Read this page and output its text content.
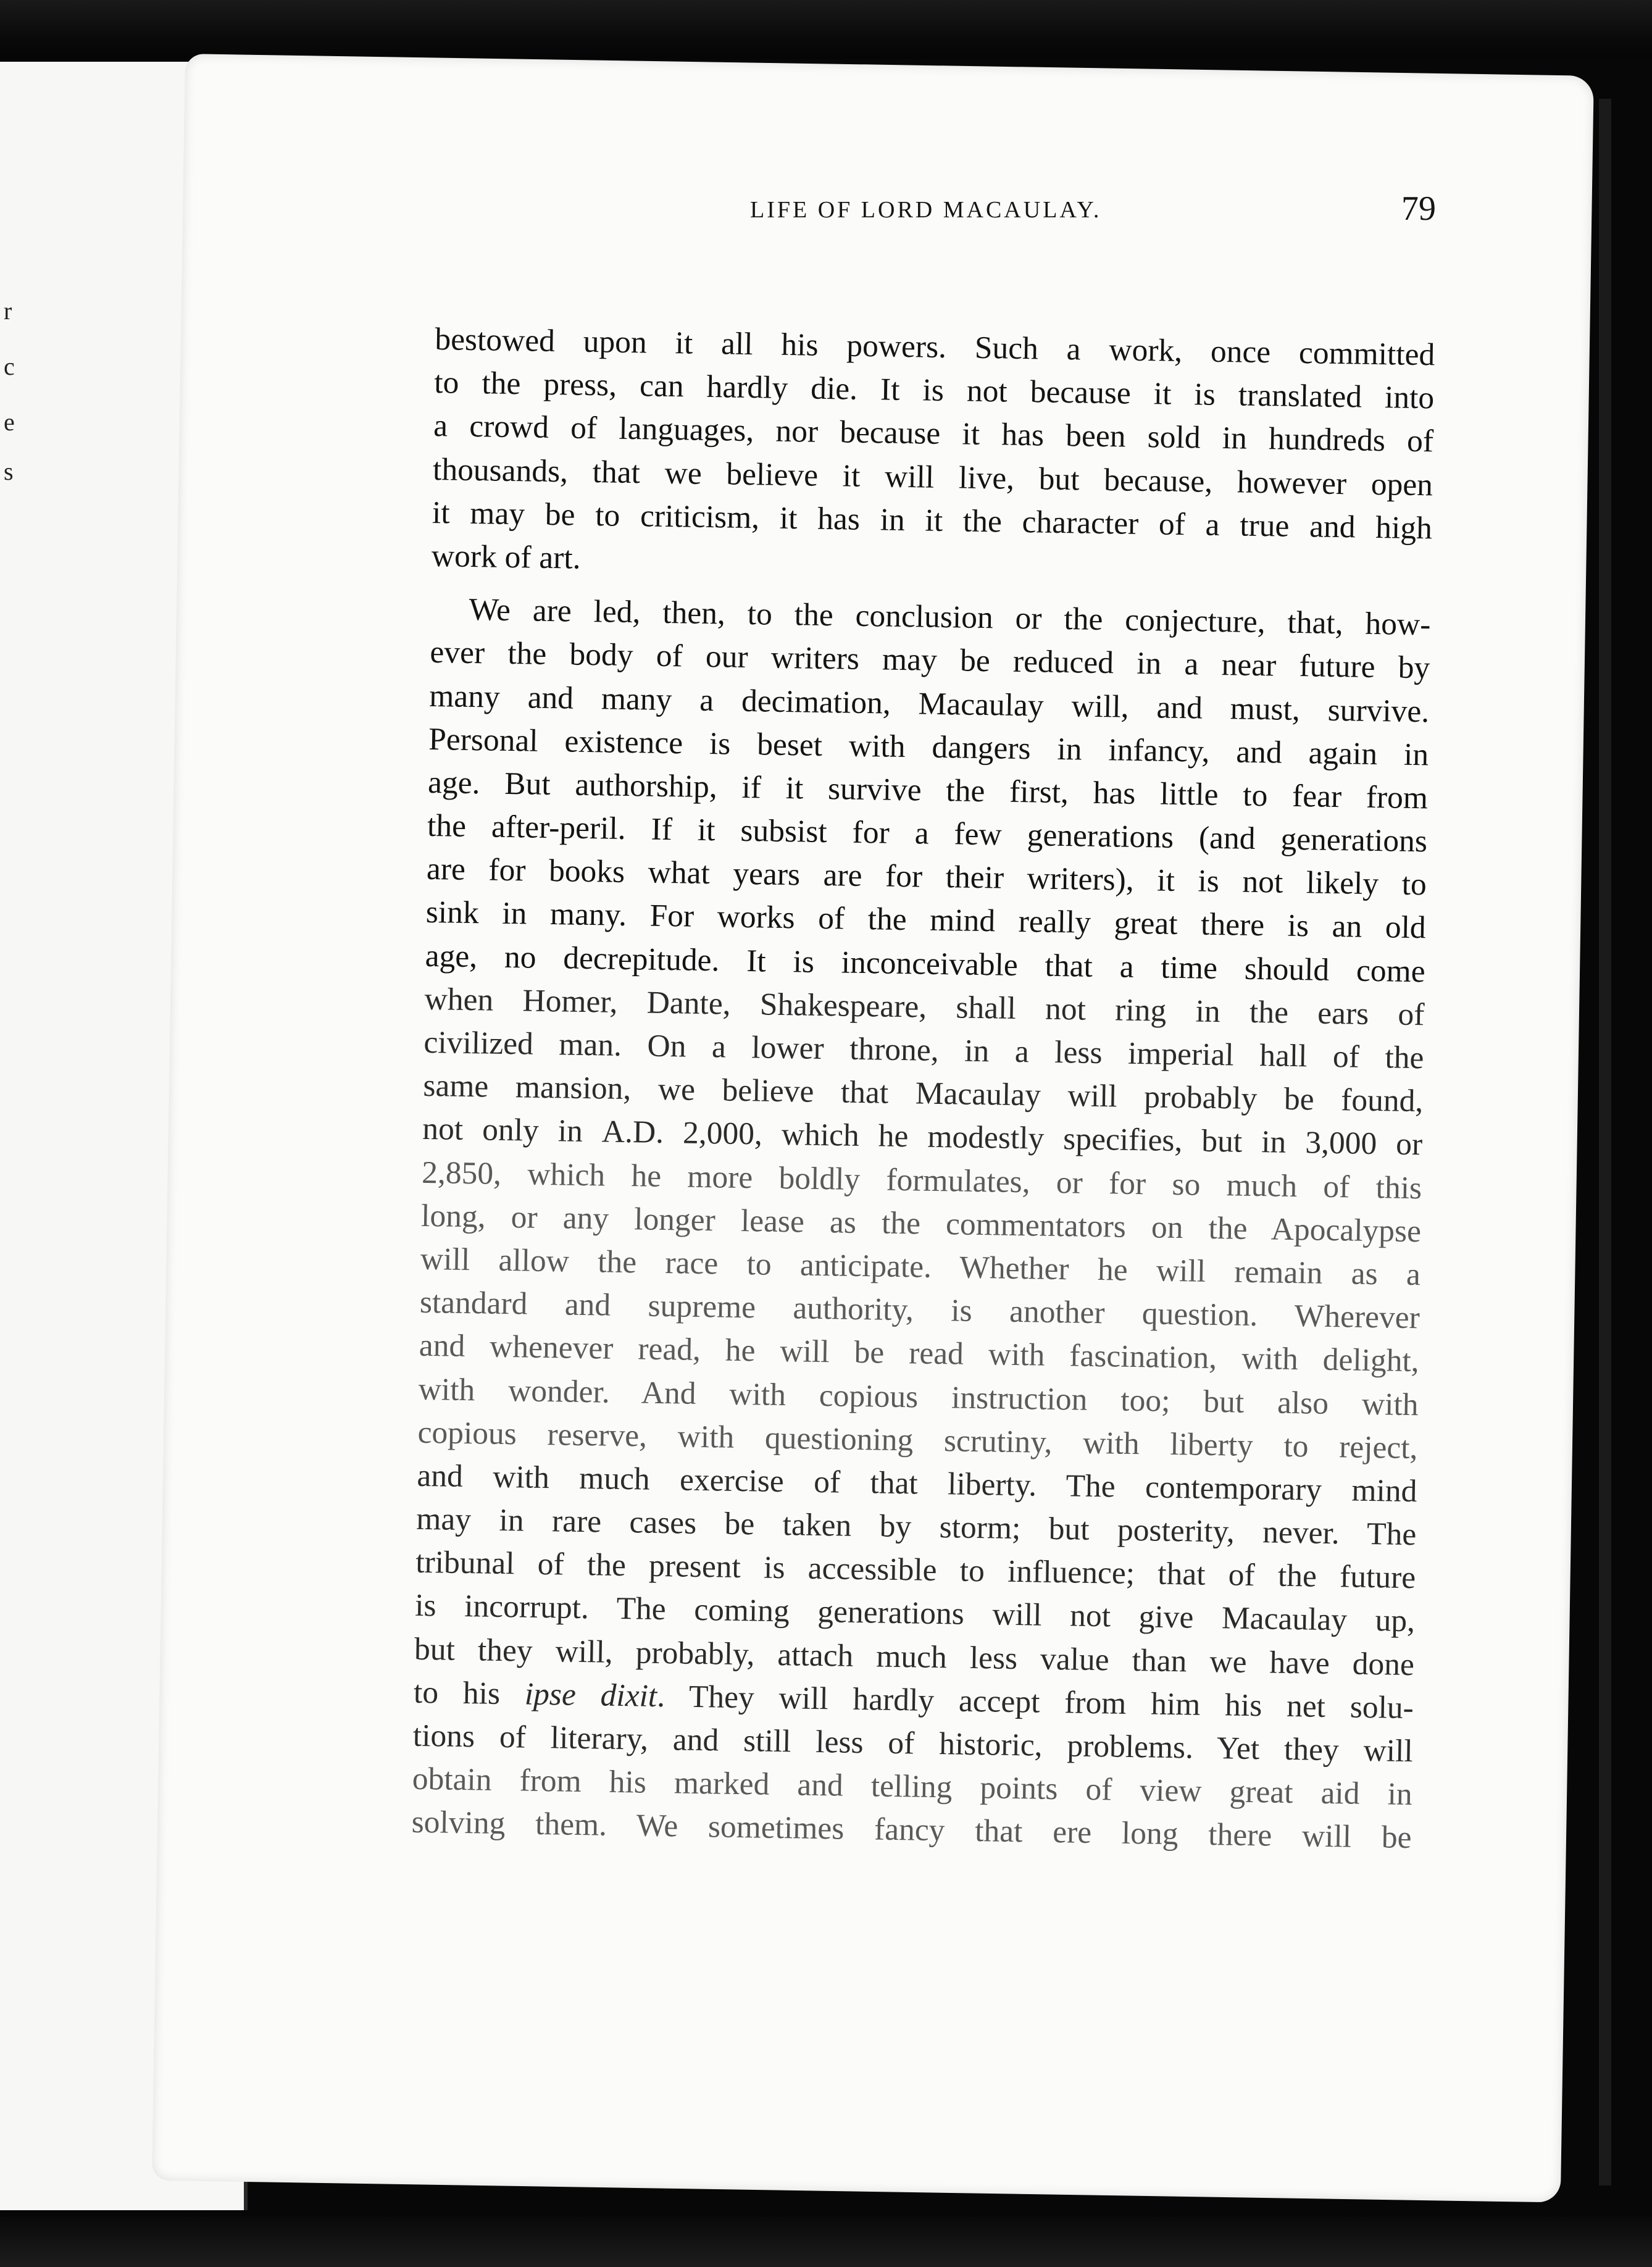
r
c
e
s
LIFE OF LORD MACAULAY.	79
bestowed upon it all his powers. Such a work, once committed
to the press, can hardly die. It is not because it is translated into
a crowd of languages, nor because it has been sold in hundreds of
thousands, that we believe it will live, but because, however open
it may be to criticism, it has in it the character of a true and high
work of art.
We are led, then, to the conclusion or the conjecture, that, how-
ever the body of our writers may be reduced in a near future by
many and many a decimation, Macaulay will, and must, survive.
Personal existence is beset with dangers in infancy, and again in
age. But authorship, if it survive the first, has little to fear from
the after-peril. If it subsist for a few generations (and generations
are for books what years are for their writers), it is not likely to
sink in many. For works of the mind really great there is an old
age, no decrepitude. It is inconceivable that a time should come
when Homer, Dante, Shakespeare, shall not ring in the ears of
civilized man. On a lower throne, in a less imperial hall of the
same mansion, we believe that Macaulay will probably be found,
not only in A.D. 2,000, which he modestly specifies, but in 3,000 or
2,850, which he more boldly formulates, or for so much of this
long, or any longer lease as the commentators on the Apocalypse
will allow the race to anticipate. Whether he will remain as a
standard and supreme authority, is another question. Wherever
and whenever read, he will be read with fascination, with delight,
with wonder. And with copious instruction too; but also with
copious reserve, with questioning scrutiny, with liberty to reject,
and with much exercise of that liberty. The contemporary mind
may in rare cases be taken by storm; but posterity, never. The
tribunal of the present is accessible to influence; that of the future
is incorrupt. The coming generations will not give Macaulay up,
but they will, probably, attach much less value than we have done
to his ipse dixit. They will hardly accept from him his net solu-
tions of literary, and still less of historic, problems. Yet they will
obtain from his marked and telling points of view great aid in
solving them. We sometimes fancy that ere long there will be
